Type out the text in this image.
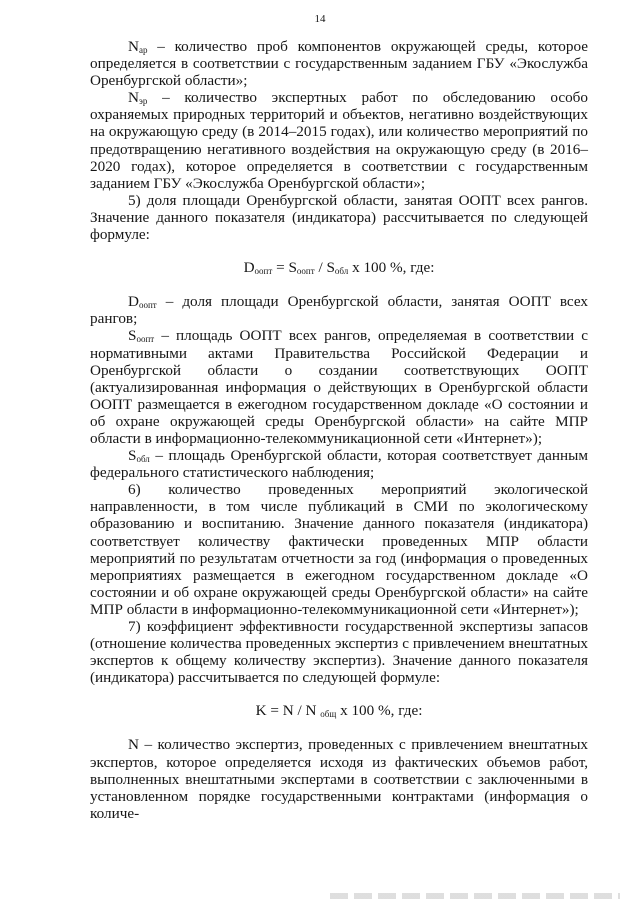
14

$N_{ар}$ – количество проб компонентов окружающей среды, которое определяется в соответствии с государственным заданием ГБУ «Экослужба Оренбургской области»;

$N_{эр}$ – количество экспертных работ по обследованию особо охраняемых природных территорий и объектов, негативно воздействующих на окружающую среду (в 2014–2015 годах), или количество мероприятий по предотвращению негативного воздействия на окружающую среду (в 2016–2020 годах), которое определяется в соответствии с государственным заданием ГБУ «Экослужба Оренбургской области»;

5) доля площади Оренбургской области, занятая ООПТ всех рангов. Значение данного показателя (индикатора) рассчитывается по следующей формуле:

$D_{оопт} = S_{оопт} / S_{обл}$ x 100 %, где:

$D_{оопт}$ – доля площади Оренбургской области, занятая ООПТ всех рангов;

$S_{оопт}$ – площадь ООПТ всех рангов, определяемая в соответствии с нормативными актами Правительства Российской Федерации и Оренбургской области о создании соответствующих ООПТ (актуализированная информация о действующих в Оренбургской области ООПТ размещается в ежегодном государственном докладе «О состоянии и об охране окружающей среды Оренбургской области» на сайте МПР области в информационно-телекоммуникационной сети «Интернет»);

$S_{обл}$ – площадь Оренбургской области, которая соответствует данным федерального статистического наблюдения;

6) количество проведенных мероприятий экологической направленности, в том числе публикаций в СМИ по экологическому образованию и воспитанию. Значение данного показателя (индикатора) соответствует количеству фактически проведенных МПР области мероприятий по результатам отчетности за год (информация о проведенных мероприятиях размещается в ежегодном государственном докладе «О состоянии и об охране окружающей среды Оренбургской области» на сайте МПР области в информационно-телекоммуникационной сети «Интернет»);

7) коэффициент эффективности государственной экспертизы запасов (отношение количества проведенных экспертиз с привлечением внештатных экспертов к общему количеству экспертиз). Значение данного показателя (индикатора) рассчитывается по следующей формуле:

K = N / N $_{общ}$ x 100 %, где:

N – количество экспертиз, проведенных с привлечением внештатных экспертов, которое определяется исходя из фактических объемов работ, выполненных внештатными экспертами в соответствии с заключенными в установленном порядке государственными контрактами (информация о количе-
